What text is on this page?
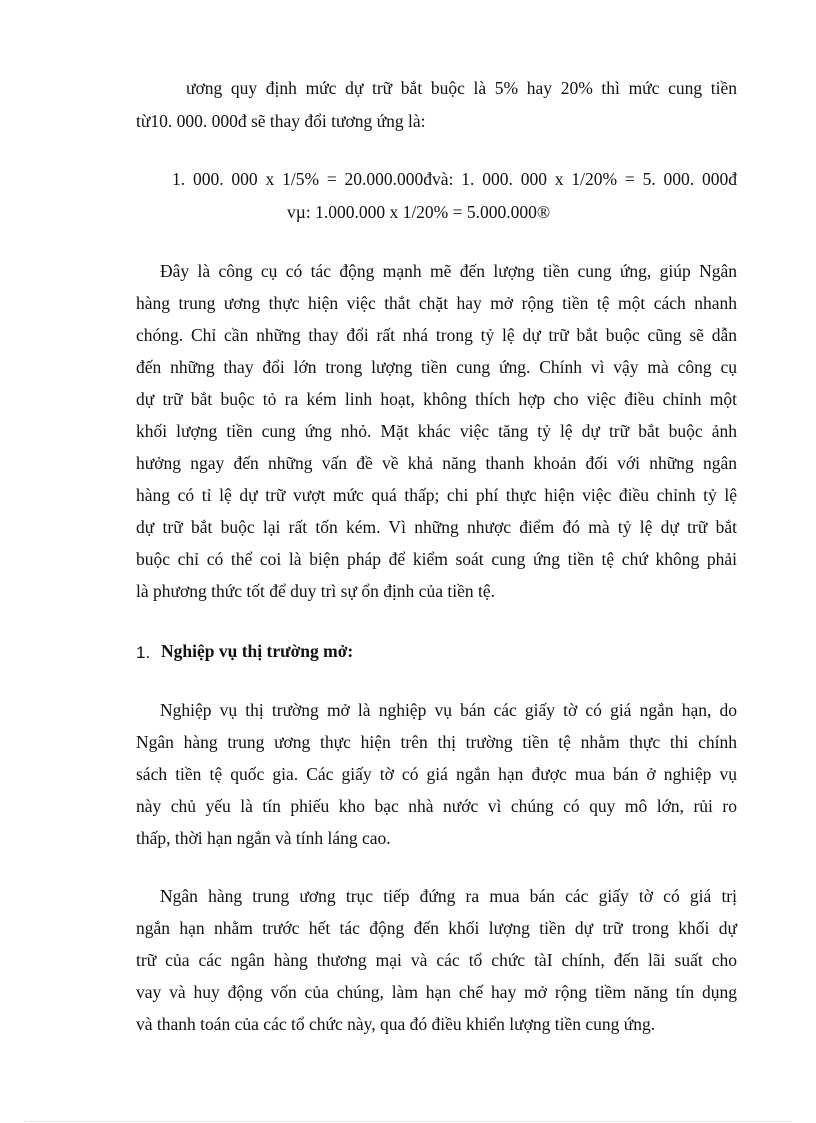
ương quy định mức dự trữ bắt buộc là 5% hay 20% thì mức cung tiền
từ10. 000. 000đ sẽ thay đổi tương ứng là:
1. 000. 000 x 1/5% = 20.000.000đvà: 1. 000. 000 x 1/20% = 5. 000. 000đ
vµ: 1.000.000 x 1/20% = 5.000.000®
Đây là công cụ có tác động mạnh mẽ đến lượng tiền cung ứng, giúp Ngân
hàng trung ương thực hiện việc thắt chặt hay mở rộng tiền tệ một cách nhanh
chóng. Chỉ cần những thay đổi rất nhá trong tỷ lệ dự trữ bắt buộc cũng sẽ dẫn
đến những thay đổi lớn trong lượng tiền cung ứng. Chính vì vậy mà công cụ
dự trữ bắt buộc tỏ ra kém linh hoạt, không thích hợp cho việc điều chỉnh một
khối lượng tiền cung ứng nhỏ. Mặt khác việc tăng tỷ lệ dự trữ bắt buộc ảnh
hưởng ngay đến những vấn đề về khả năng thanh khoản đối với những ngân
hàng có tỉ lệ dự trữ vượt mức quá thấp; chi phí thực hiện việc điều chỉnh tỷ lệ
dự trữ bắt buộc lại rất tốn kém. Vì những nhược điểm đó mà tỷ lệ dự trữ bắt
buộc chỉ có thể coi là biện pháp để kiểm soát cung ứng tiền tệ chứ không phải
là phương thức tốt để duy trì sự ổn định của tiền tệ.
1. Nghiệp vụ thị trường mở:
Nghiệp vụ thị trường mở là nghiệp vụ bán các giấy tờ có giá ngắn hạn, do
Ngân hàng trung ương thực hiện trên thị trường tiền tệ nhằm thực thi chính
sách tiền tệ quốc gia. Các giấy tờ có giá ngắn hạn được mua bán ở nghiệp vụ
này chủ yếu là tín phiếu kho bạc nhà nước vì chúng có quy mô lớn, rủi ro
thấp, thời hạn ngắn và tính láng cao.
Ngân hàng trung ương trục tiếp đứng ra mua bán các giấy tờ có giá trị
ngắn hạn nhằm trước hết tác động đến khối lượng tiền dự trữ trong khối dự
trữ của các ngân hàng thương mại và các tổ chức tàI chính, đến lãi suất cho
vay và huy động vốn của chúng, làm hạn chế hay mở rộng tiềm năng tín dụng
và thanh toán của các tổ chức này, qua đó điều khiển lượng tiền cung ứng.
